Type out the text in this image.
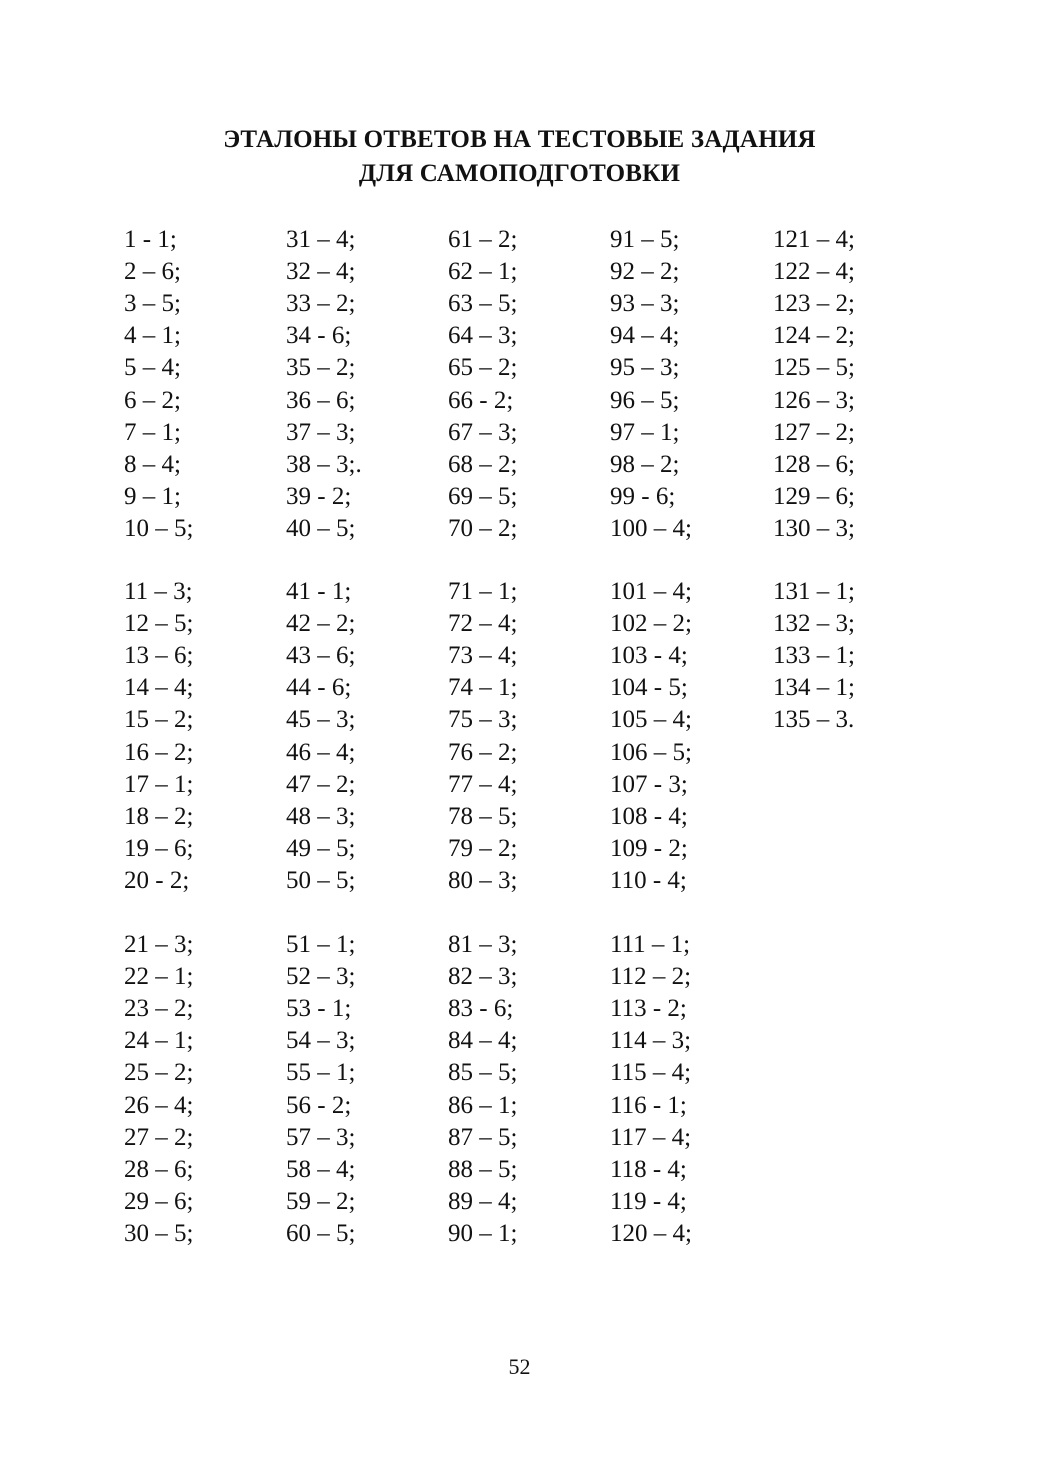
ЭТАЛОНЫ ОТВЕТОВ НА ТЕСТОВЫЕ ЗАДАНИЯ
ДЛЯ САМОПОДГОТОВКИ
1 - 1;
2 – 6;
3 – 5;
4 – 1;
5 – 4;
6 – 2;
7 – 1;
8 – 4;
9 – 1;
10 – 5;
31 – 4;
32 – 4;
33 – 2;
34 - 6;
35 – 2;
36 – 6;
37 – 3;
38 – 3;.
39 - 2;
40 – 5;
61 – 2;
62 – 1;
63 – 5;
64 – 3;
65 – 2;
66 - 2;
67 – 3;
68 – 2;
69 – 5;
70 – 2;
91 – 5;
92 – 2;
93 – 3;
94 – 4;
95 – 3;
96 – 5;
97 – 1;
98 – 2;
99 - 6;
100 – 4;
121 – 4;
122 – 4;
123 – 2;
124 – 2;
125 – 5;
126 – 3;
127 – 2;
128 – 6;
129 – 6;
130 – 3;
11 – 3;
12 – 5;
13 – 6;
14 – 4;
15 – 2;
16 – 2;
17 – 1;
18 – 2;
19 – 6;
20 - 2;
41 - 1;
42 – 2;
43 – 6;
44 - 6;
45 – 3;
46 – 4;
47 – 2;
48 – 3;
49 – 5;
50 – 5;
71 – 1;
72 – 4;
73 – 4;
74 – 1;
75 – 3;
76 – 2;
77 – 4;
78 – 5;
79 – 2;
80 – 3;
101 – 4;
102 – 2;
103 - 4;
104 - 5;
105 – 4;
106 – 5;
107 - 3;
108 - 4;
109 - 2;
110 - 4;
131 – 1;
132 – 3;
133 – 1;
134 – 1;
135 – 3.
21 – 3;
22 – 1;
23 – 2;
24 – 1;
25 – 2;
26 – 4;
27 – 2;
28 – 6;
29 – 6;
30 – 5;
51 – 1;
52 – 3;
53 - 1;
54 – 3;
55 – 1;
56 - 2;
57 – 3;
58 – 4;
59 – 2;
60 – 5;
81 – 3;
82 – 3;
83 - 6;
84 – 4;
85 – 5;
86 – 1;
87 – 5;
88 – 5;
89 – 4;
90 – 1;
111 – 1;
112 – 2;
113 - 2;
114 – 3;
115 – 4;
116 - 1;
117 – 4;
118 - 4;
119 - 4;
120 – 4;
52
